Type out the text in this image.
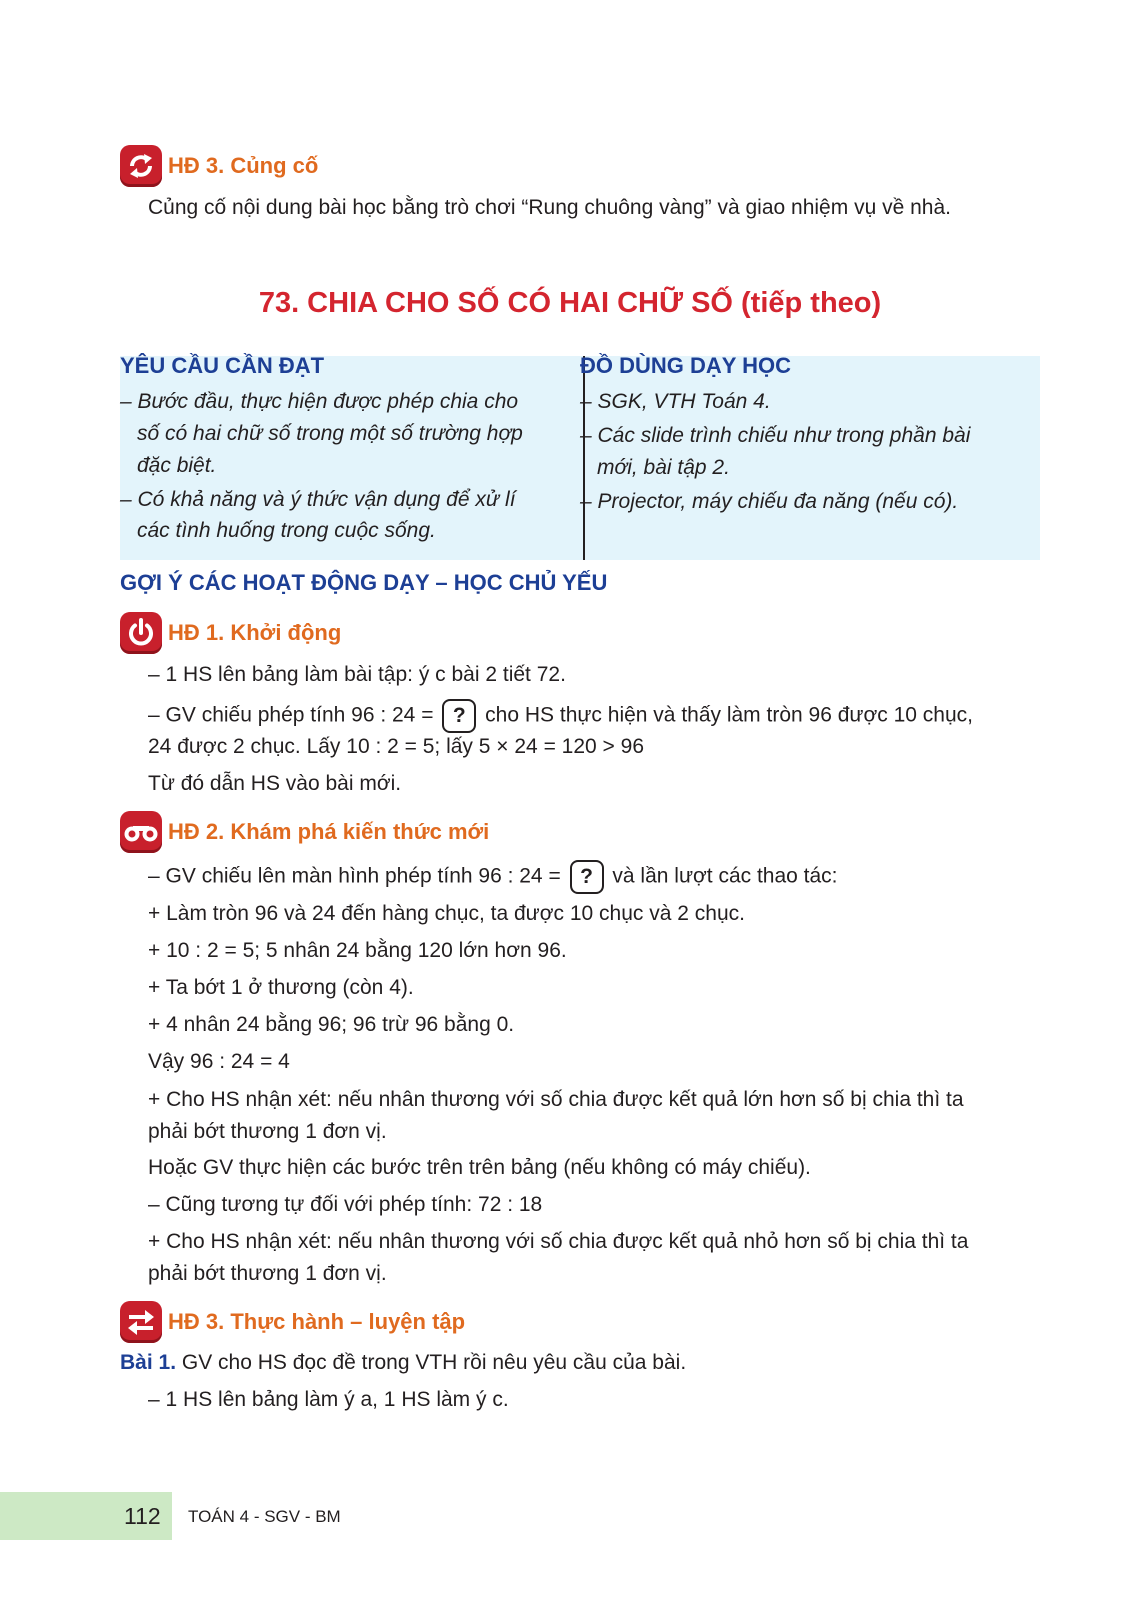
HĐ 3. Củng cố
Củng cố nội dung bài học bằng trò chơi “Rung chuông vàng” và giao nhiệm vụ về nhà.
73. CHIA CHO SỐ CÓ HAI CHỮ SỐ (tiếp theo)
YÊU CẦU CẦN ĐẠT
– Bước đầu, thực hiện được phép chia cho
số có hai chữ số trong một số trường hợp
đặc biệt.
– Có khả năng và ý thức vận dụng để xử lí
các tình huống trong cuộc sống.
ĐỒ DÙNG DẠY HỌC
– SGK, VTH Toán 4.
– Các slide trình chiếu như trong phần bài
mới, bài tập 2.
– Projector, máy chiếu đa năng (nếu có).
GỢI Ý CÁC HOẠT ĐỘNG DẠY – HỌC CHỦ YẾU
HĐ 1. Khởi động
– 1 HS lên bảng làm bài tập: ý c bài 2 tiết 72.
– GV chiếu phép tính 96 : 24 = ? cho HS thực hiện và thấy làm tròn 96 được 10 chục,
24 được 2 chục. Lấy 10 : 2 = 5; lấy 5 × 24 = 120 > 96
Từ đó dẫn HS vào bài mới.
HĐ 2. Khám phá kiến thức mới
– GV chiếu lên màn hình phép tính 96 : 24 = ? và lần lượt các thao tác:
+ Làm tròn 96 và 24 đến hàng chục, ta được 10 chục và 2 chục.
+ 10 : 2 = 5; 5 nhân 24 bằng 120 lớn hơn 96.
+ Ta bớt 1 ở thương (còn 4).
+ 4 nhân 24 bằng 96; 96 trừ 96 bằng 0.
Vậy 96 : 24 = 4
+ Cho HS nhận xét: nếu nhân thương với số chia được kết quả lớn hơn số bị chia thì ta
phải bớt thương 1 đơn vị.
Hoặc GV thực hiện các bước trên trên bảng (nếu không có máy chiếu).
– Cũng tương tự đối với phép tính: 72 : 18
+ Cho HS nhận xét: nếu nhân thương với số chia được kết quả nhỏ hơn số bị chia thì ta
phải bớt thương 1 đơn vị.
HĐ 3. Thực hành – luyện tập
Bài 1. GV cho HS đọc đề trong VTH rồi nêu yêu cầu của bài.
– 1 HS lên bảng làm ý a, 1 HS làm ý c.
112 TOÁN 4 - SGV - BM
